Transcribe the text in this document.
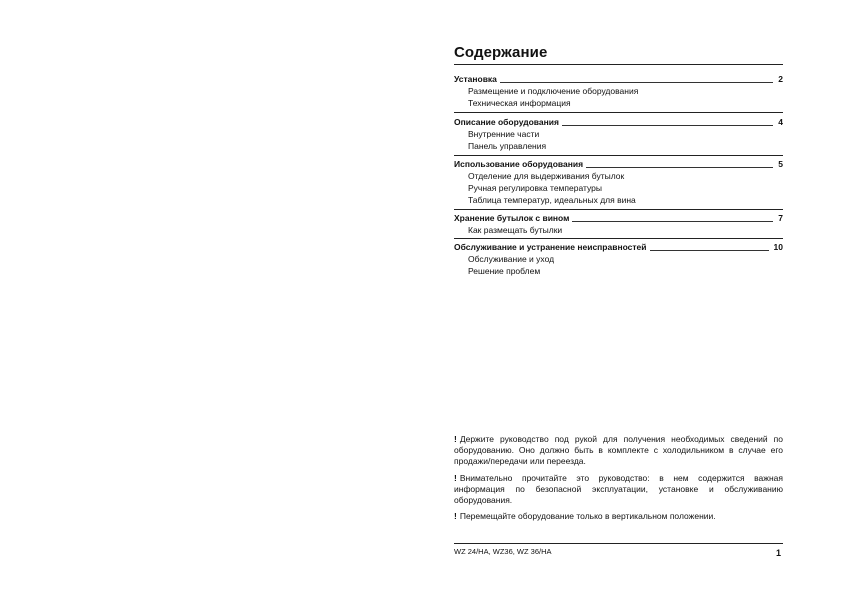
Содержание
Установка	2
Размещение и подключение оборудования
Техническая информация
Описание оборудования	4
Внутренние части
Панель управления
Использование оборудования	5
Отделение для выдерживания бутылок
Ручная регулировка температуры
Таблица температур, идеальных для вина
Хранение бутылок с вином	7
Как размещать бутылки
Обслуживание и устранение неисправностей	10
Обслуживание и уход
Решение проблем
! Держите руководство под рукой для получения необходимых сведений по оборудованию. Оно должно быть в комплекте с холодильником в случае его продажи/передачи или переезда.
! Внимательно прочитайте это руководство: в нем содержится важная информация по безопасной эксплуатации, установке и обслуживанию оборудования.
! Перемещайте оборудование только в вертикальном положении.
WZ 24/HA, WZ36, WZ 36/HA	1
